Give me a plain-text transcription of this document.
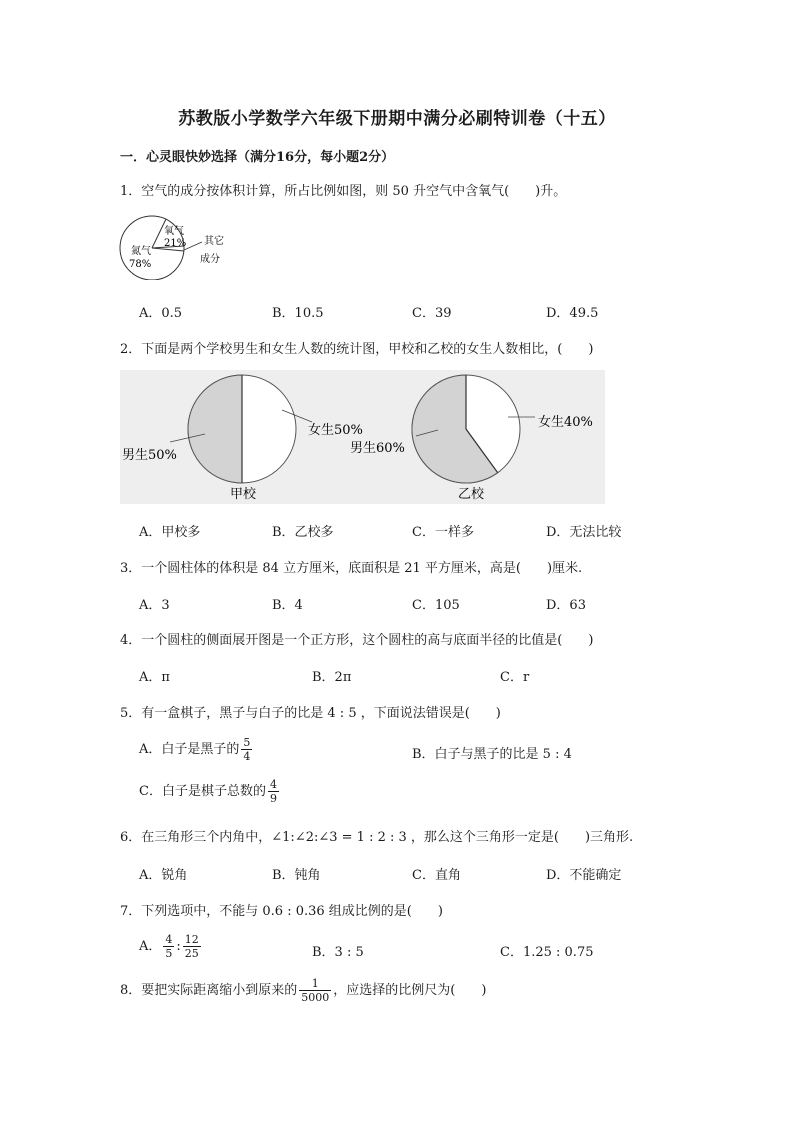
苏教版小学数学六年级下册期中满分必刷特训卷（十五）
一．心灵眼快妙选择（满分16分，每小题2分）
1．空气的成分按体积计算，所占比例如图，则 50 升空气中含氧气(　　)升。
氮气
78%
氧气
21% 其它
成分
A．0.5	B．10.5	C．39	D．49.5
2．下面是两个学校男生和女生人数的统计图，甲校和乙校的女生人数相比，(　　)
女生50%
男生50%
甲校
女生40%
男生60%
乙校
A．甲校多	B．乙校多	C．一样多	D．无法比较
3．一个圆柱体的体积是 84 立方厘米，底面积是 21 平方厘米，高是(　　)厘米.
A．3	B．4	C．105	D．63
4．一个圆柱的侧面展开图是一个正方形，这个圆柱的高与底面半径的比值是(　　)
A．π	B．2π	C．r
5．有一盒棋子，黑子与白子的比是 4 : 5 ，下面说法错误是(　　)
A．白子是黑子的 $\frac{5}{4}$	B．白子与黑子的比是 5 : 4
C．白子是棋子总数的 $\frac{4}{9}$
6．在三角形三个内角中，∠1:∠2:∠3 = 1 : 2 : 3 ，那么这个三角形一定是(　　)三角形.
A．锐角	B．钝角	C．直角	D．不能确定
7．下列选项中，不能与 0.6 : 0.36 组成比例的是(　　)
A． $\frac{4}{5}$ : $\frac{12}{25}$	B．3 : 5	C．1.25 : 0.75
8．要把实际距离缩小到原来的 $\frac{1}{5000}$ ，应选择的比例尺为(　　)
